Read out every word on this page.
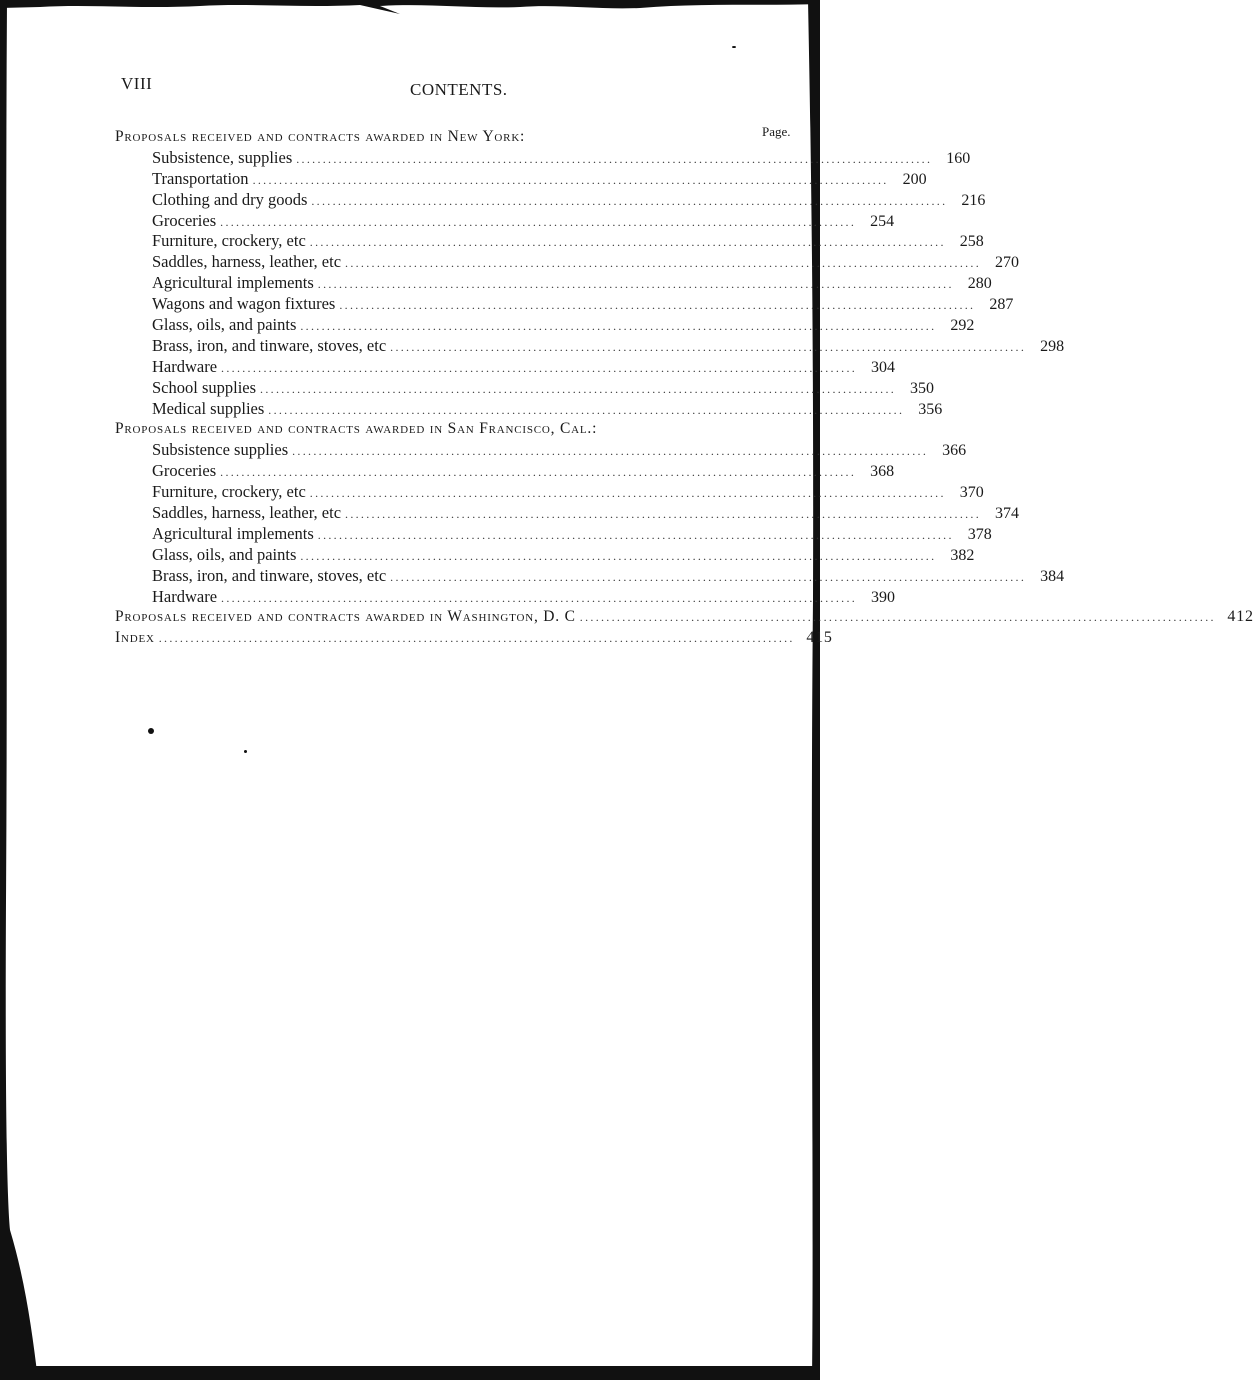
VIII	CONTENTS.
Page.
Proposals received and contracts awarded in New York:
Subsistence, supplies ........................................................................................................................ 160
Transportation ........................................................................................................................ 200
Clothing and dry goods ........................................................................................................................ 216
Groceries ........................................................................................................................ 254
Furniture, crockery, etc ........................................................................................................................ 258
Saddles, harness, leather, etc ........................................................................................................................ 270
Agricultural implements ........................................................................................................................ 280
Wagons and wagon fixtures ........................................................................................................................ 287
Glass, oils, and paints ........................................................................................................................ 292
Brass, iron, and tinware, stoves, etc ........................................................................................................................ 298
Hardware ........................................................................................................................ 304
School supplies ........................................................................................................................ 350
Medical supplies ........................................................................................................................ 356
Proposals received and contracts awarded in San Francisco, Cal.:
Subsistence supplies ........................................................................................................................ 366
Groceries ........................................................................................................................ 368
Furniture, crockery, etc ........................................................................................................................ 370
Saddles, harness, leather, etc ........................................................................................................................ 374
Agricultural implements ........................................................................................................................ 378
Glass, oils, and paints ........................................................................................................................ 382
Brass, iron, and tinware, stoves, etc ........................................................................................................................ 384
Hardware ........................................................................................................................ 390
Proposals received and contracts awarded in Washington, D. C ........................................................................................................................ 412
Index ........................................................................................................................ 415
